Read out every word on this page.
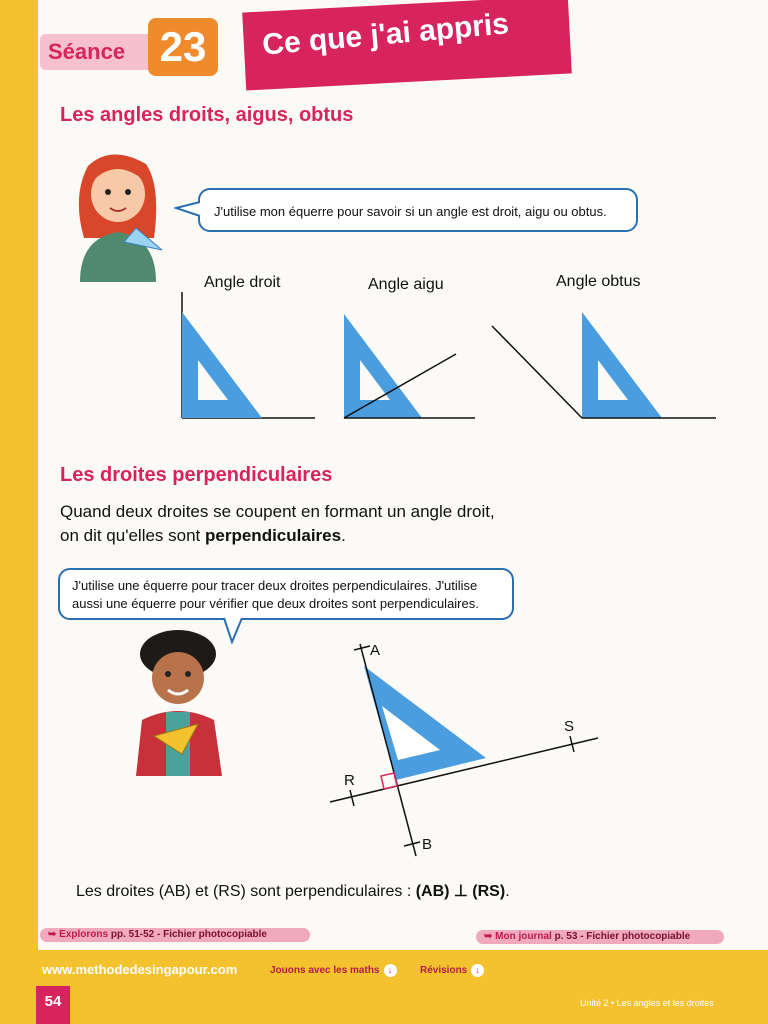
Séance 23	Ce que j'ai appris
Les angles droits, aigus, obtus
J'utilise mon équerre pour savoir si un angle est droit, aigu ou obtus.
Angle droit	Angle aigu	Angle obtus
Les droites perpendiculaires
Quand deux droites se coupent en formant un angle droit,
on dit qu'elles sont perpendiculaires.
J'utilise une équerre pour tracer deux droites perpendiculaires. J'utilise
aussi une équerre pour vérifier que deux droites sont perpendiculaires.
A
B
R
S
Les droites (AB) et (RS) sont perpendiculaires : (AB) ⊥ (RS).
➥ Explorons pp. 51-52 - Fichier photocopiable	➥ Mon journal p. 53 - Fichier photocopiable
www.methodedesingapour.com	Jouons avec les maths ↓	Révisions ↓
54	Unité 2 • Les angles et les droites
